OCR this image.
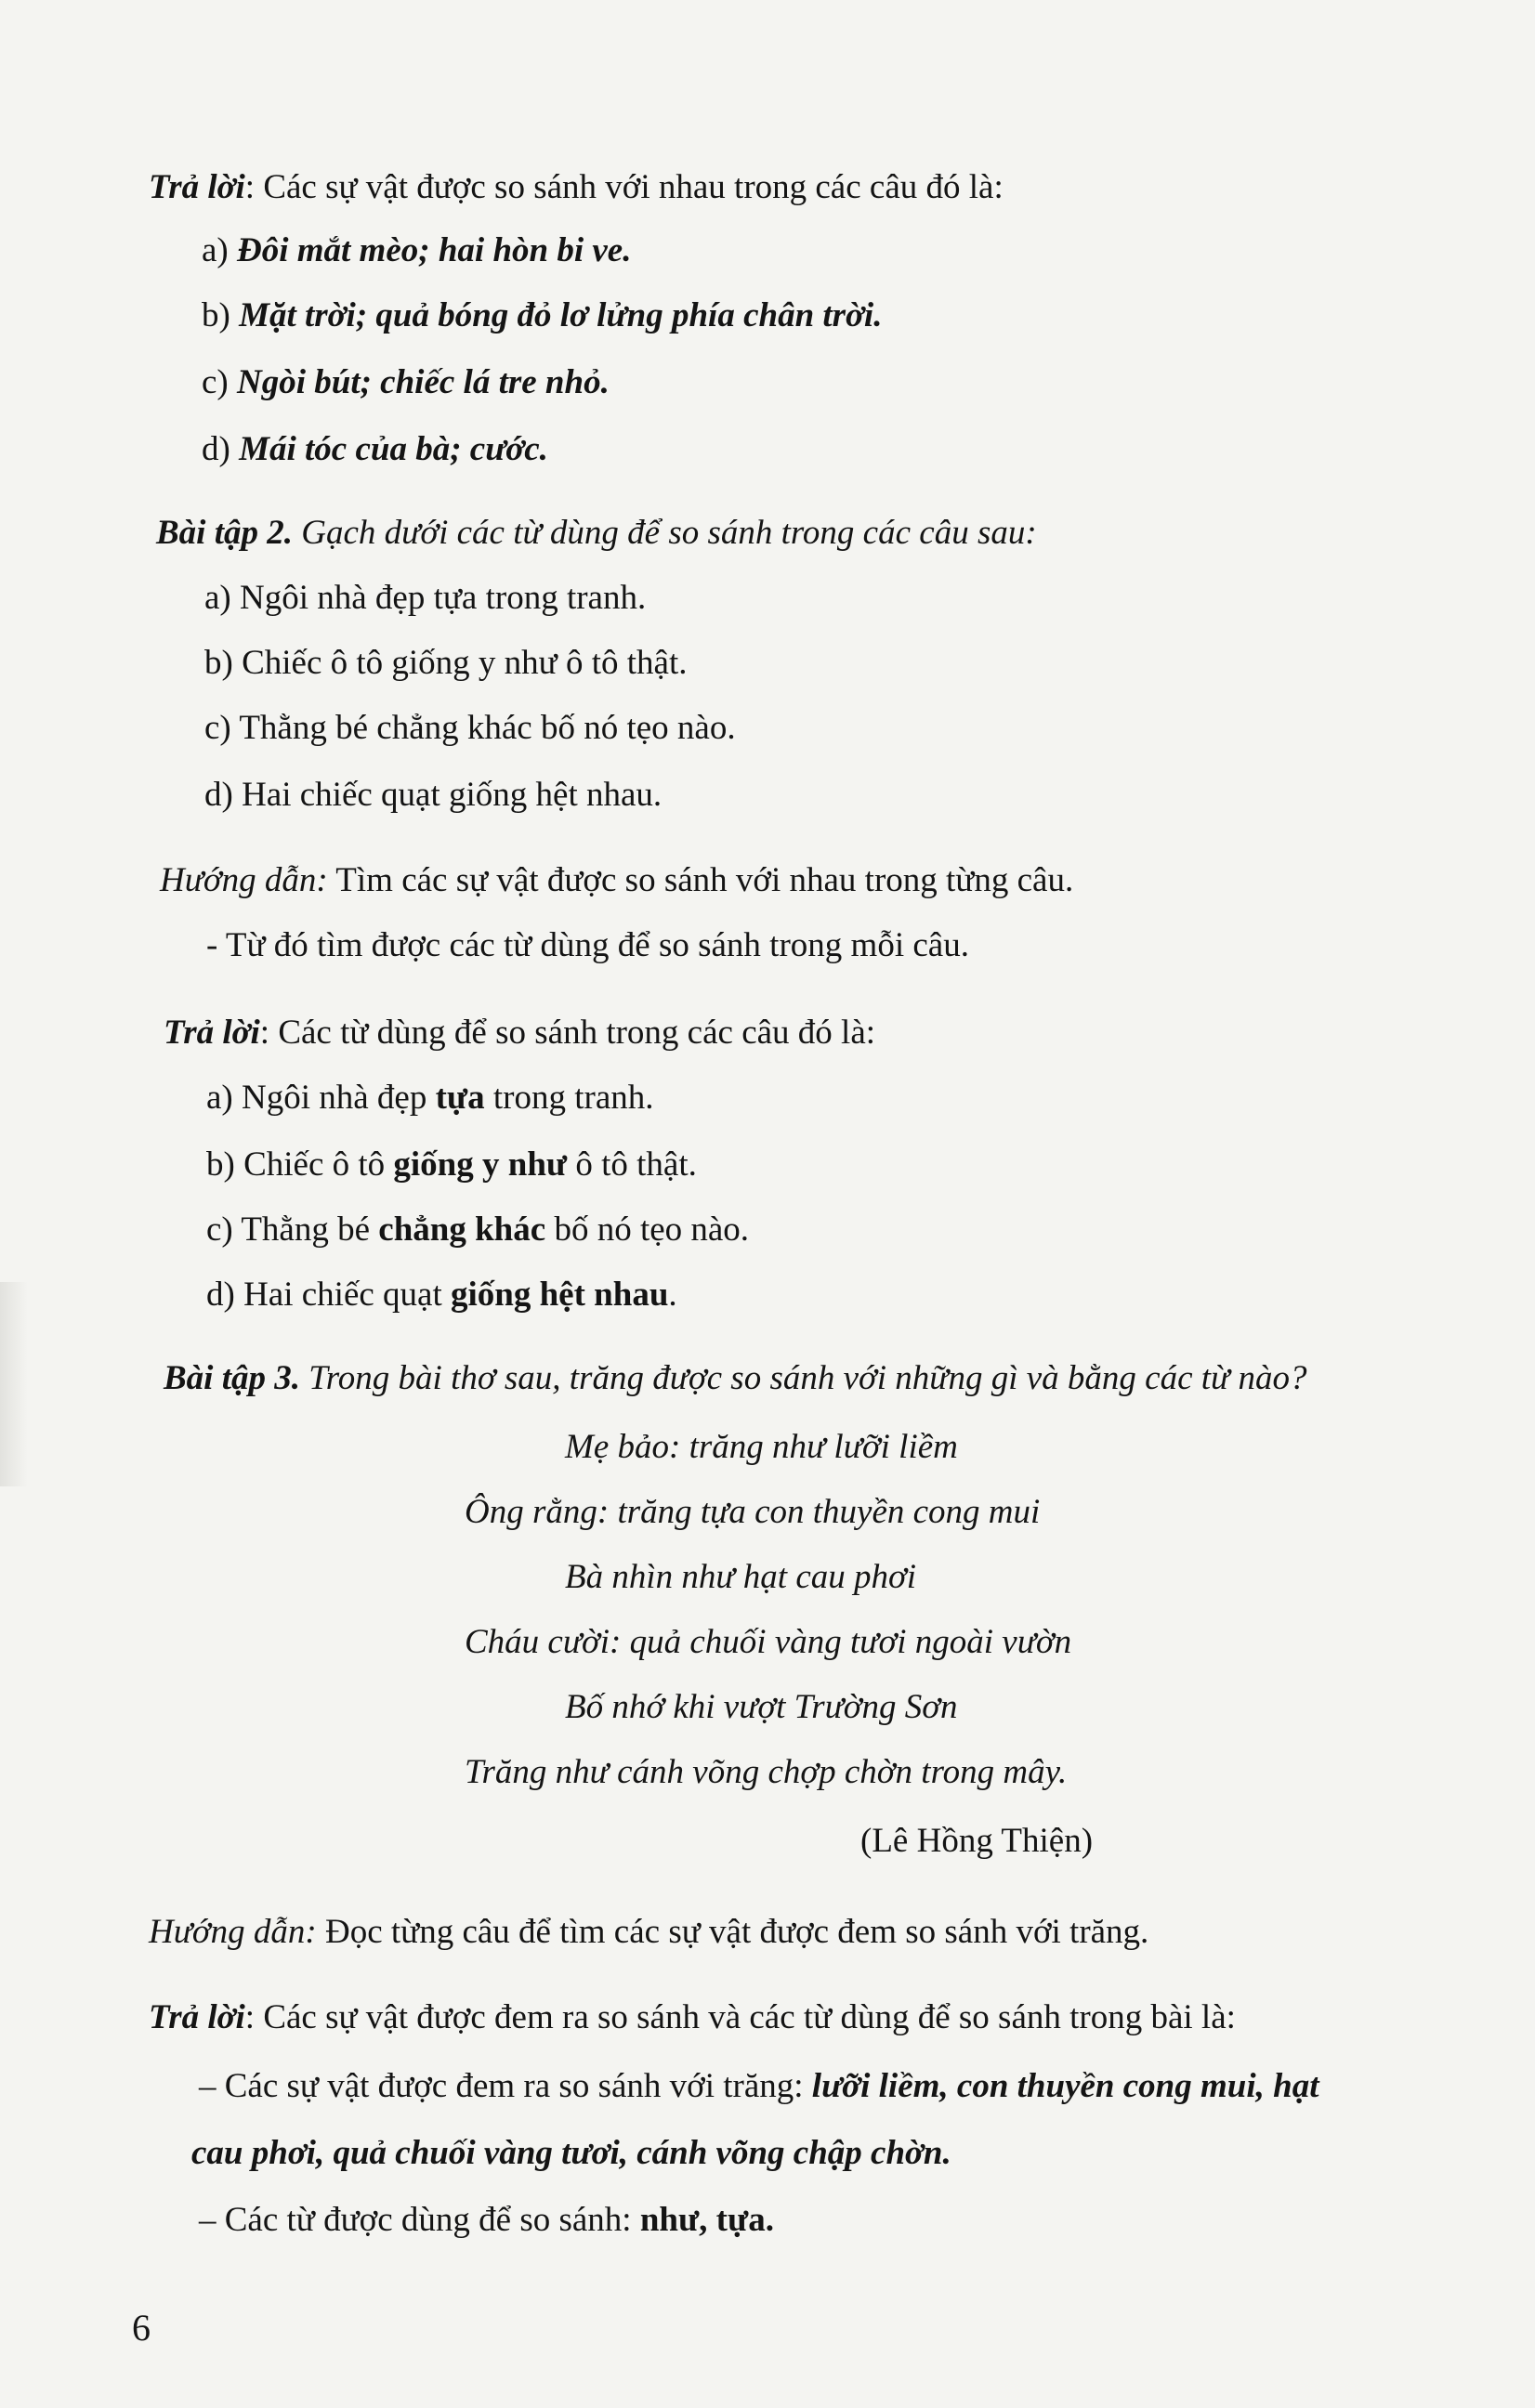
Trả lời: Các sự vật được so sánh với nhau trong các câu đó là:
a) Đôi mắt mèo; hai hòn bi ve.
b) Mặt trời; quả bóng đỏ lơ lửng phía chân trời.
c) Ngòi bút; chiếc lá tre nhỏ.
d) Mái tóc của bà; cước.
Bài tập 2. Gạch dưới các từ dùng để so sánh trong các câu sau:
a) Ngôi nhà đẹp tựa trong tranh.
b) Chiếc ô tô giống y như ô tô thật.
c) Thằng bé chẳng khác bố nó tẹo nào.
d) Hai chiếc quạt giống hệt nhau.
Hướng dẫn: Tìm các sự vật được so sánh với nhau trong từng câu.
- Từ đó tìm được các từ dùng để so sánh trong mỗi câu.
Trả lời: Các từ dùng để so sánh trong các câu đó là:
a) Ngôi nhà đẹp tựa trong tranh.
b) Chiếc ô tô giống y như ô tô thật.
c) Thằng bé chẳng khác bố nó tẹo nào.
d) Hai chiếc quạt giống hệt nhau.
Bài tập 3. Trong bài thơ sau, trăng được so sánh với những gì và bằng các từ nào?
Mẹ bảo: trăng như lưỡi liềm
Ông rằng: trăng tựa con thuyền cong mui
Bà nhìn như hạt cau phơi
Cháu cười: quả chuối vàng tươi ngoài vườn
Bố nhớ khi vượt Trường Sơn
Trăng như cánh võng chợp chờn trong mây.
(Lê Hồng Thiện)
Hướng dẫn: Đọc từng câu để tìm các sự vật được đem so sánh với trăng.
Trả lời: Các sự vật được đem ra so sánh và các từ dùng để so sánh trong bài là:
– Các sự vật được đem ra so sánh với trăng: lưỡi liềm, con thuyền cong mui, hạt
cau phơi, quả chuối vàng tươi, cánh võng chập chờn.
– Các từ được dùng để so sánh: như, tựa.
6
